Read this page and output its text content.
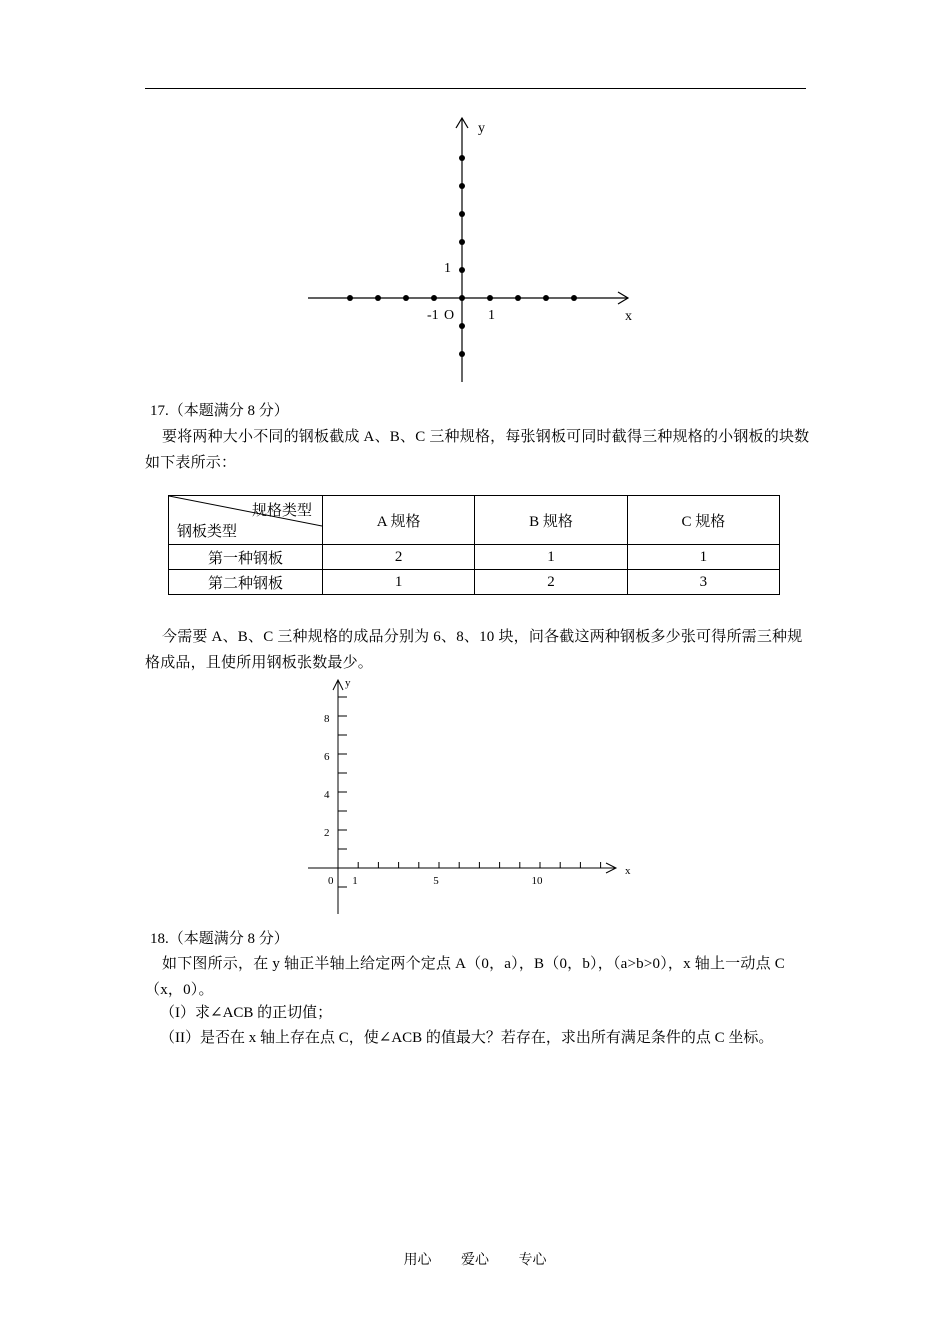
y
x
1
-1 O 1
17.（本题满分 8 分）
要将两种大小不同的钢板截成 A、B、C 三种规格，每张钢板可同时截得三种规格的小钢板的块数如下表所示：
规格类型
钢板类型	A 规格	B 规格	C 规格
第一种钢板	2	1	1
第二种钢板	1	2	3
今需要 A、B、C 三种规格的成品分别为 6、8、10 块，问各截这两种钢板多少张可得所需三种规格成品，且使所用钢板张数最少。
y
x
0 1	5	10
2
4
6
8
18.（本题满分 8 分）
如下图所示，在 y 轴正半轴上给定两个定点 A（0，a），B（0，b），（a>b>0），x 轴上一动点 C（x，0）。
（I）求∠ACB 的正切值；
（II）是否在 x 轴上存在点 C，使∠ACB 的值最大？若存在，求出所有满足条件的点 C 坐标。
用心 爱心 专心
